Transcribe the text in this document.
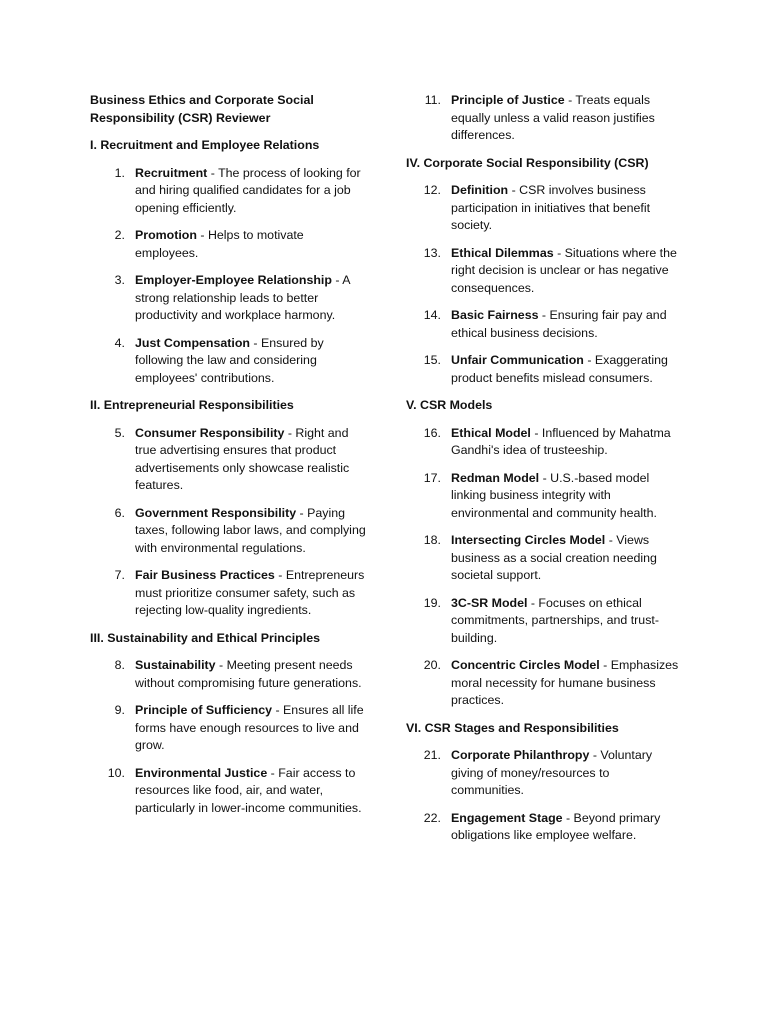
Business Ethics and Corporate Social Responsibility (CSR) Reviewer
I. Recruitment and Employee Relations
1. Recruitment - The process of looking for and hiring qualified candidates for a job opening efficiently.
2. Promotion - Helps to motivate employees.
3. Employer-Employee Relationship - A strong relationship leads to better productivity and workplace harmony.
4. Just Compensation - Ensured by following the law and considering employees' contributions.
II. Entrepreneurial Responsibilities
5. Consumer Responsibility - Right and true advertising ensures that product advertisements only showcase realistic features.
6. Government Responsibility - Paying taxes, following labor laws, and complying with environmental regulations.
7. Fair Business Practices - Entrepreneurs must prioritize consumer safety, such as rejecting low-quality ingredients.
III. Sustainability and Ethical Principles
8. Sustainability - Meeting present needs without compromising future generations.
9. Principle of Sufficiency - Ensures all life forms have enough resources to live and grow.
10. Environmental Justice - Fair access to resources like food, air, and water, particularly in lower-income communities.
11. Principle of Justice - Treats equals equally unless a valid reason justifies differences.
IV. Corporate Social Responsibility (CSR)
12. Definition - CSR involves business participation in initiatives that benefit society.
13. Ethical Dilemmas - Situations where the right decision is unclear or has negative consequences.
14. Basic Fairness - Ensuring fair pay and ethical business decisions.
15. Unfair Communication - Exaggerating product benefits mislead consumers.
V. CSR Models
16. Ethical Model - Influenced by Mahatma Gandhi's idea of trusteeship.
17. Redman Model - U.S.-based model linking business integrity with environmental and community health.
18. Intersecting Circles Model - Views business as a social creation needing societal support.
19. 3C-SR Model - Focuses on ethical commitments, partnerships, and trust-building.
20. Concentric Circles Model - Emphasizes moral necessity for humane business practices.
VI. CSR Stages and Responsibilities
21. Corporate Philanthropy - Voluntary giving of money/resources to communities.
22. Engagement Stage - Beyond primary obligations like employee welfare.
